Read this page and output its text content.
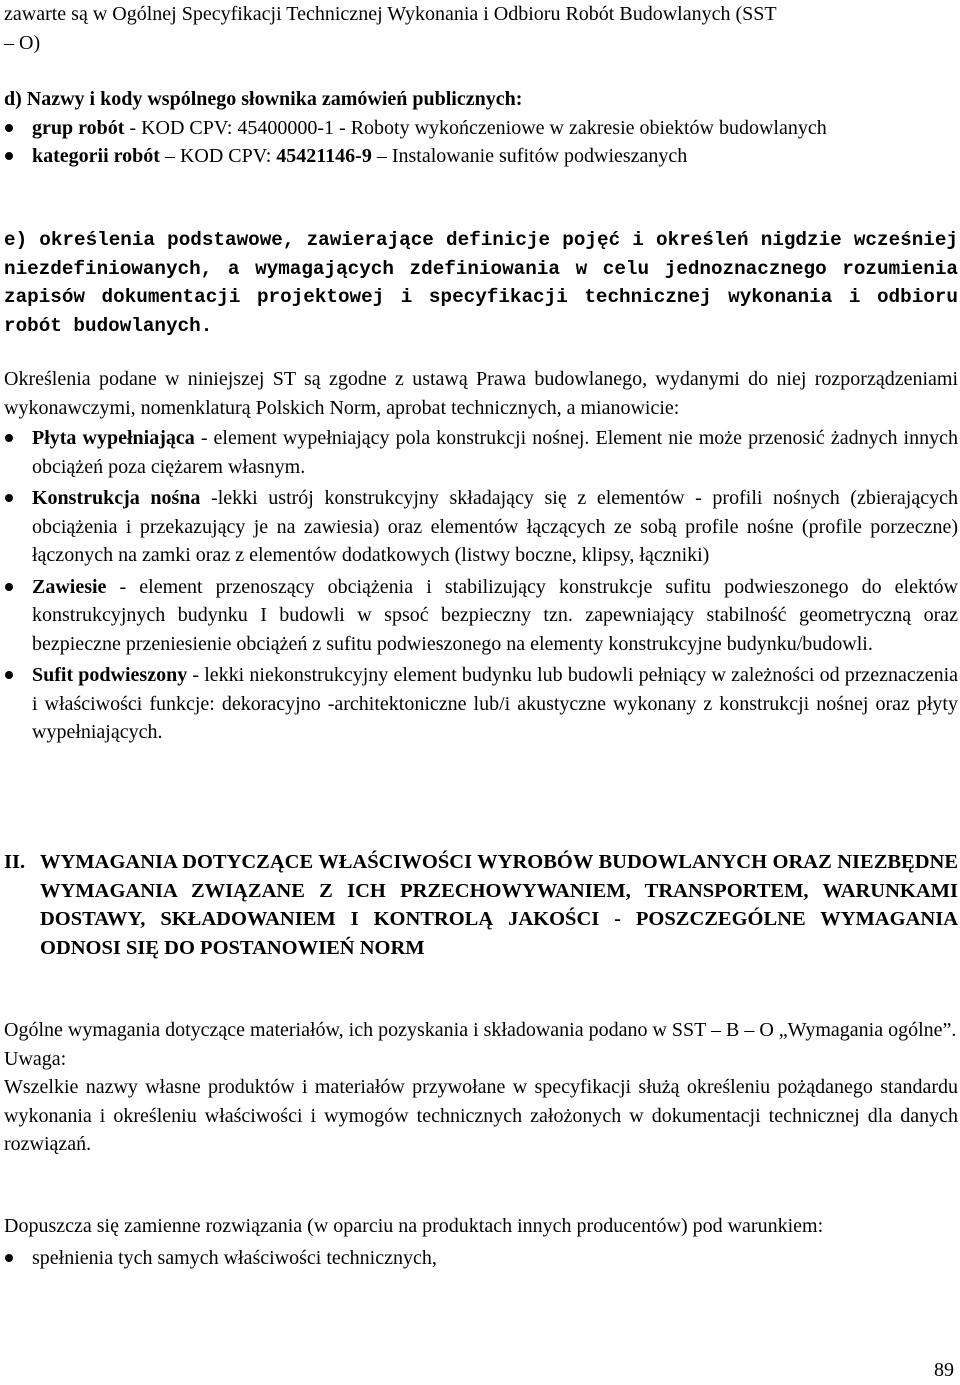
zawarte są w Ogólnej Specyfikacji Technicznej Wykonania i Odbioru Robót Budowlanych (SST

– O)

d) Nazwy i kody wspólnego słownika zamówień publicznych:

grup robót - KOD CPV: 45400000-1 - Roboty wykończeniowe w zakresie obiektów budowlanych
kategorii robót – KOD CPV: 45421146-9 – Instalowanie sufitów podwieszanych

e) określenia podstawowe, zawierające definicje pojęć i określeń nigdzie wcześniej niezdefiniowanych, a wymagających zdefiniowania w celu jednoznacznego rozumienia zapisów dokumentacji projektowej i specyfikacji technicznej wykonania i odbioru robót budowlanych.

Określenia podane w niniejszej ST są zgodne z ustawą Prawa budowlanego, wydanymi do niej rozporządzeniami wykonawczymi, nomenklaturą Polskich Norm, aprobat technicznych, a mianowicie:

Płyta wypełniająca - element wypełniający pola konstrukcji nośnej. Element nie może przenosić żadnych innych obciążeń poza ciężarem własnym.
Konstrukcja nośna -lekki ustrój konstrukcyjny składający się z elementów - profili nośnych (zbierających obciążenia i przekazujący je na zawiesia) oraz elementów łączących ze sobą profile nośne (profile porzeczne) łączonych na zamki oraz z elementów dodatkowych (listwy boczne, klipsy, łączniki)
Zawiesie - element przenoszący obciążenia i stabilizujący konstrukcje sufitu podwieszonego do elektów konstrukcyjnych budynku I budowli w spsoć bezpieczny tzn. zapewniający stabilność geometryczną oraz bezpieczne przeniesienie obciążeń z sufitu podwieszonego na elementy konstrukcyjne budynku/budowli.
Sufit podwieszony - lekki niekonstrukcyjny element budynku lub budowli pełniący w zależności od przeznaczenia i właściwości funkcje: dekoracyjno -architektoniczne lub/i akustyczne wykonany z konstrukcji nośnej oraz płyty wypełniających.
II. WYMAGANIA DOTYCZĄCE WŁAŚCIWOŚCI WYROBÓW BUDOWLANYCH ORAZ NIEZBĘDNE WYMAGANIA ZWIĄZANE Z ICH PRZECHOWYWANIEM, TRANSPORTEM, WARUNKAMI DOSTAWY, SKŁADOWANIEM I KONTROLĄ JAKOŚCI - POSZCZEGÓLNE WYMAGANIA ODNOSI SIĘ DO POSTANOWIEŃ NORM

Ogólne wymagania dotyczące materiałów, ich pozyskania i składowania podano w SST – B – O „Wymagania ogólne”.

Uwaga:

Wszelkie nazwy własne produktów i materiałów przywołane w specyfikacji służą określeniu pożądanego standardu wykonania i określeniu właściwości i wymogów technicznych założonych w dokumentacji technicznej dla danych rozwiązań.

Dopuszcza się zamienne rozwiązania (w oparciu na produktach innych producentów) pod warunkiem:

spełnienia tych samych właściwości technicznych,
89
